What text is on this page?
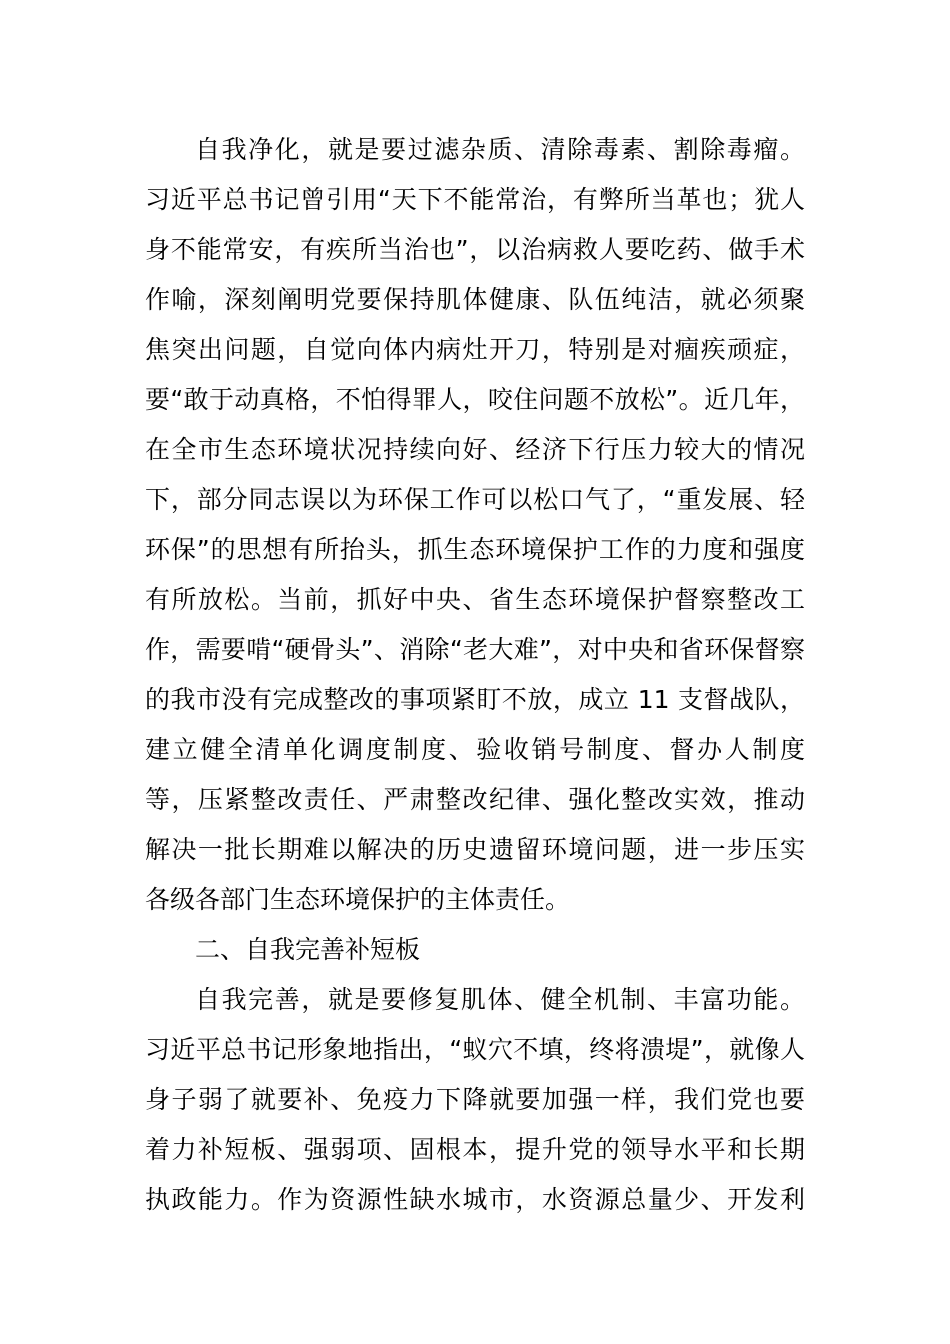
自我净化，就是要过滤杂质、清除毒素、割除毒瘤。
习近平总书记曾引用“天下不能常治，有弊所当革也；犹人
身不能常安，有疾所当治也”，以治病救人要吃药、做手术
作喻，深刻阐明党要保持肌体健康、队伍纯洁，就必须聚
焦突出问题，自觉向体内病灶开刀，特别是对痼疾顽症，
要“敢于动真格，不怕得罪人，咬住问题不放松”。近几年，
在全市生态环境状况持续向好、经济下行压力较大的情况
下，部分同志误以为环保工作可以松口气了，“重发展、轻
环保”的思想有所抬头，抓生态环境保护工作的力度和强度
有所放松。当前，抓好中央、省生态环境保护督察整改工
作，需要啃“硬骨头”、消除“老大难”，对中央和省环保督察
的我市没有完成整改的事项紧盯不放，成立 11 支督战队，
建立健全清单化调度制度、验收销号制度、督办人制度
等，压紧整改责任、严肃整改纪律、强化整改实效，推动
解决一批长期难以解决的历史遗留环境问题，进一步压实
各级各部门生态环境保护的主体责任。
二、自我完善补短板
自我完善，就是要修复肌体、健全机制、丰富功能。
习近平总书记形象地指出，“蚁穴不填，终将溃堤”，就像人
身子弱了就要补、免疫力下降就要加强一样，我们党也要
着力补短板、强弱项、固根本，提升党的领导水平和长期
执政能力。作为资源性缺水城市，水资源总量少、开发利
